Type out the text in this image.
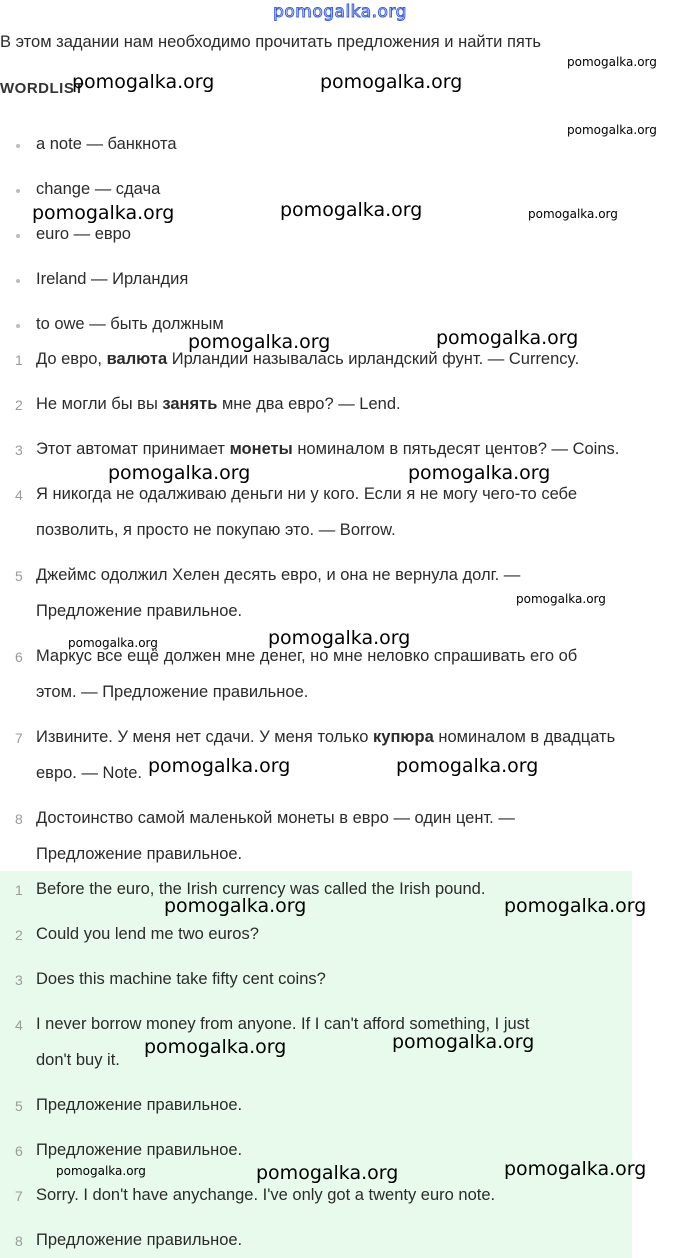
pomogalka.org
В этом задании нам необходимо прочитать предложения и найти пять
WORDLIST
a note — банкнота
change — сдача
euro — евро
Ireland — Ирландия
to owe — быть должным
1 До евро, валюта Ирландии называлась ирландский фунт. — Currency.
2 Не могли бы вы занять мне два евро? — Lend.
3 Этот автомат принимает монеты номиналом в пятьдесят центов? — Coins.
4 Я никогда не одалживаю деньги ни у кого. Если я не могу чего-то себе
позволить, я просто не покупаю это. — Borrow.
5 Джеймс одолжил Хелен десять евро, и она не вернула долг. —
Предложение правильное.
6 Маркус все ещё должен мне денег, но мне неловко спрашивать его об
этом. — Предложение правильное.
7 Извините. У меня нет сдачи. У меня только купюра номиналом в двадцать
евро. — Note.
8 Достоинство самой маленькой монеты в евро — один цент. —
Предложение правильное.
1 Before the euro, the Irish currency was called the Irish pound.
2 Could you lend me two euros?
3 Does this machine take fifty cent coins?
4 I never borrow money from anyone. If I can't afford something, I just
don't buy it.
5 Предложение правильное.
6 Предложение правильное.
7 Sorry. I don't have anychange. I've only got a twenty euro note.
8 Предложение правильное.
pomogalka.org
pomogalka.org	pomogalka.org
pomogalka.org
pomogalka.org	pomogalka.org	pomogalka.org
pomogalka.org	pomogalka.org
pomogalka.org	pomogalka.org
pomogalka.org
pomogalka.org	pomogalka.org
pomogalka.org	pomogalka.org
pomogalka.org	pomogalka.org
pomogalka.org	pomogalka.org
pomogalka.org	pomogalka.org	pomogalka.org
